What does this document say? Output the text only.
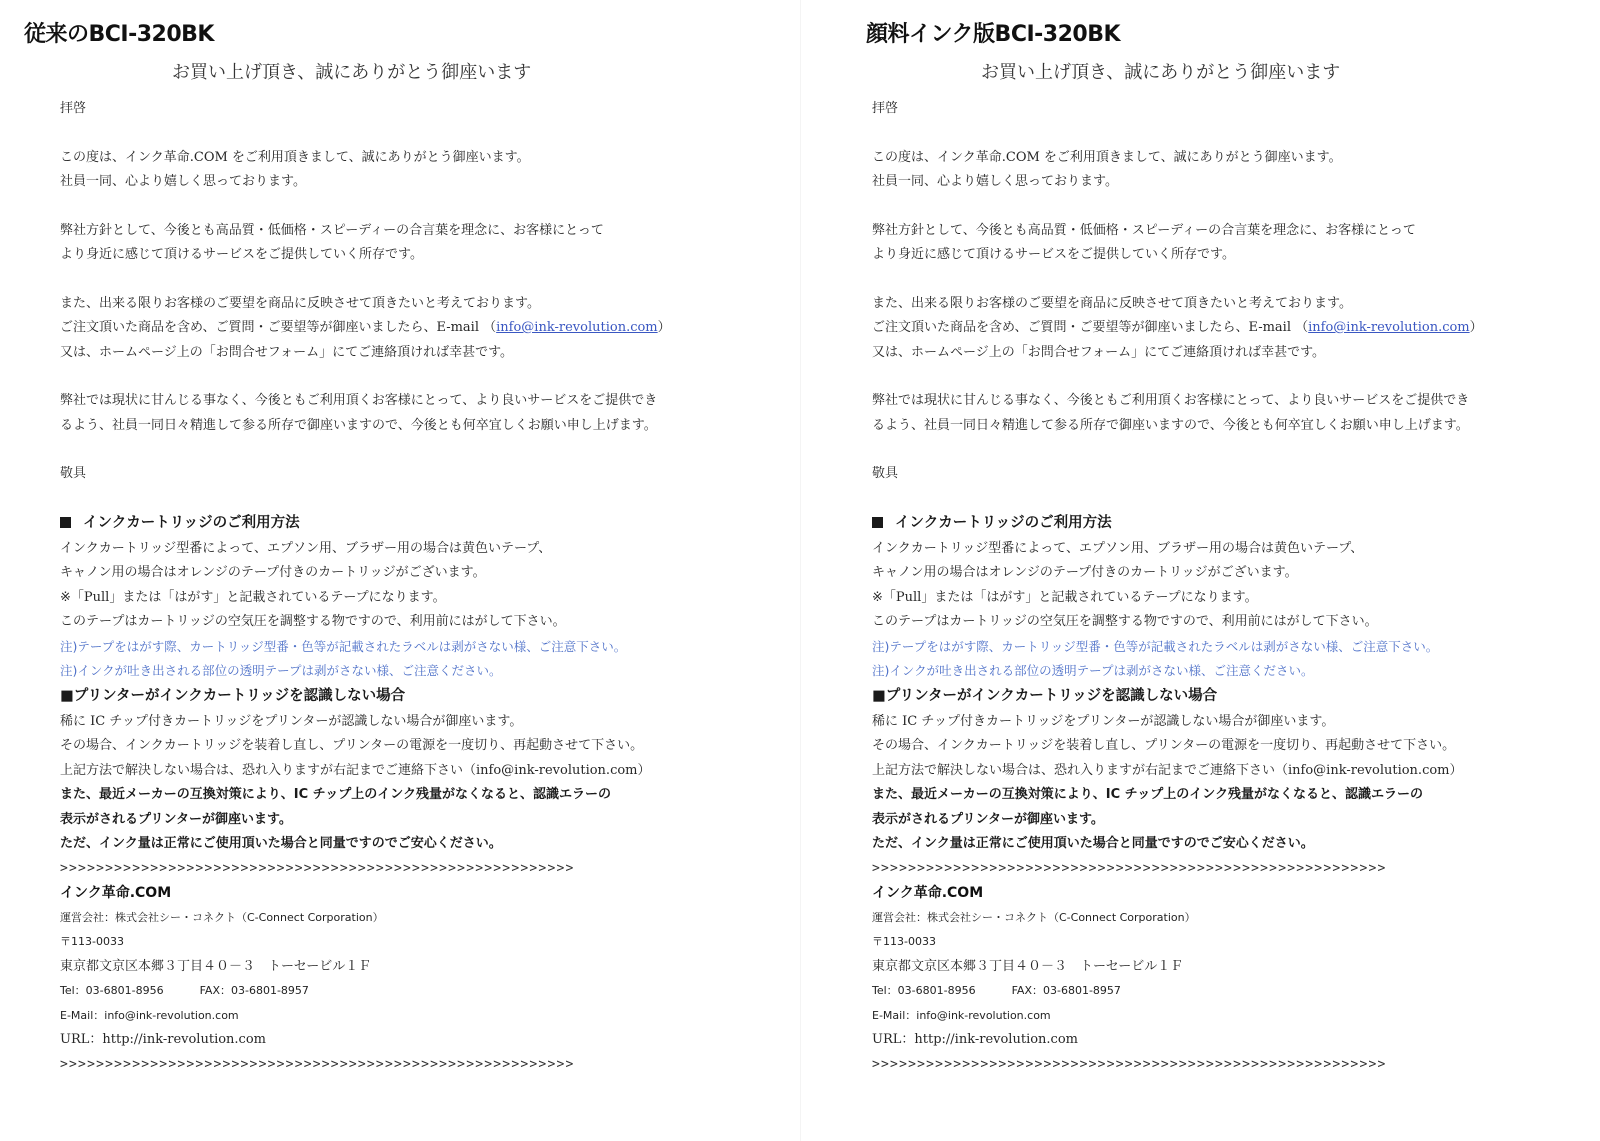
従来のBCI-320BK
お買い上げ頂き、誠にありがとう御座います
拝啓
この度は、インク革命.COM をご利用頂きまして、誠にありがとう御座います。
社員一同、心より嬉しく思っております。
弊社方針として、今後とも高品質・低価格・スピーディーの合言葉を理念に、お客様にとって
より身近に感じて頂けるサービスをご提供していく所存です。
また、出来る限りお客様のご要望を商品に反映させて頂きたいと考えております。
ご注文頂いた商品を含め、ご質問・ご要望等が御座いましたら、E-mail （info@ink-revolution.com）
又は、ホームページ上の「お問合せフォーム」にてご連絡頂ければ幸甚です。
弊社では現状に甘んじる事なく、今後ともご利用頂くお客様にとって、より良いサービスをご提供でき
るよう、社員一同日々精進して参る所存で御座いますので、今後とも何卒宜しくお願い申し上げます。
敬具
インクカートリッジのご利用方法
インクカートリッジ型番によって、エプソン用、ブラザー用の場合は黄色いテープ、
キャノン用の場合はオレンジのテープ付きのカートリッジがございます。
※「Pull」または「はがす」と記載されているテープになります。
このテープはカートリッジの空気圧を調整する物ですので、利用前にはがして下さい。
注)テープをはがす際、カートリッジ型番・色等が記載されたラベルは剥がさない様、ご注意下さい。
注)インクが吐き出される部位の透明テープは剥がさない様、ご注意ください。
■プリンターがインクカートリッジを認識しない場合
稀に IC チップ付きカートリッジをプリンターが認識しない場合が御座います。
その場合、インクカートリッジを装着し直し、プリンターの電源を一度切り、再起動させて下さい。
上記方法で解決しない場合は、恐れ入りますが右記までご連絡下さい（info@ink-revolution.com）
また、最近メーカーの互換対策により、IC チップ上のインク残量がなくなると、認識エラーの
表示がされるプリンターが御座います。
ただ、インク量は正常にご使用頂いた場合と同量ですのでご安心ください。
>>>>>>>>>>>>>>>>>>>>>>>>>>>>>>>>>>>>>>>>>>>>>>>>>>>>>>>>>
インク革命.COM
運営会社：株式会社シー・コネクト（C-Connect Corporation）
〒113-0033
東京都文京区本郷３丁目４０－３　トーセービル１Ｆ
Tel：03-6801-8956	FAX：03-6801-8957
E-Mail：info@ink-revolution.com
URL：http://ink-revolution.com
>>>>>>>>>>>>>>>>>>>>>>>>>>>>>>>>>>>>>>>>>>>>>>>>>>>>>>>>>
顔料インク版BCI-320BK
お買い上げ頂き、誠にありがとう御座います
拝啓
この度は、インク革命.COM をご利用頂きまして、誠にありがとう御座います。
社員一同、心より嬉しく思っております。
弊社方針として、今後とも高品質・低価格・スピーディーの合言葉を理念に、お客様にとって
より身近に感じて頂けるサービスをご提供していく所存です。
また、出来る限りお客様のご要望を商品に反映させて頂きたいと考えております。
ご注文頂いた商品を含め、ご質問・ご要望等が御座いましたら、E-mail （info@ink-revolution.com）
又は、ホームページ上の「お問合せフォーム」にてご連絡頂ければ幸甚です。
弊社では現状に甘んじる事なく、今後ともご利用頂くお客様にとって、より良いサービスをご提供でき
るよう、社員一同日々精進して参る所存で御座いますので、今後とも何卒宜しくお願い申し上げます。
敬具
インクカートリッジのご利用方法
インクカートリッジ型番によって、エプソン用、ブラザー用の場合は黄色いテープ、
キャノン用の場合はオレンジのテープ付きのカートリッジがございます。
※「Pull」または「はがす」と記載されているテープになります。
このテープはカートリッジの空気圧を調整する物ですので、利用前にはがして下さい。
注)テープをはがす際、カートリッジ型番・色等が記載されたラベルは剥がさない様、ご注意下さい。
注)インクが吐き出される部位の透明テープは剥がさない様、ご注意ください。
■プリンターがインクカートリッジを認識しない場合
稀に IC チップ付きカートリッジをプリンターが認識しない場合が御座います。
その場合、インクカートリッジを装着し直し、プリンターの電源を一度切り、再起動させて下さい。
上記方法で解決しない場合は、恐れ入りますが右記までご連絡下さい（info@ink-revolution.com）
また、最近メーカーの互換対策により、IC チップ上のインク残量がなくなると、認識エラーの
表示がされるプリンターが御座います。
ただ、インク量は正常にご使用頂いた場合と同量ですのでご安心ください。
>>>>>>>>>>>>>>>>>>>>>>>>>>>>>>>>>>>>>>>>>>>>>>>>>>>>>>>>>
インク革命.COM
運営会社：株式会社シー・コネクト（C-Connect Corporation）
〒113-0033
東京都文京区本郷３丁目４０－３　トーセービル１Ｆ
Tel：03-6801-8956	FAX：03-6801-8957
E-Mail：info@ink-revolution.com
URL：http://ink-revolution.com
>>>>>>>>>>>>>>>>>>>>>>>>>>>>>>>>>>>>>>>>>>>>>>>>>>>>>>>>>
